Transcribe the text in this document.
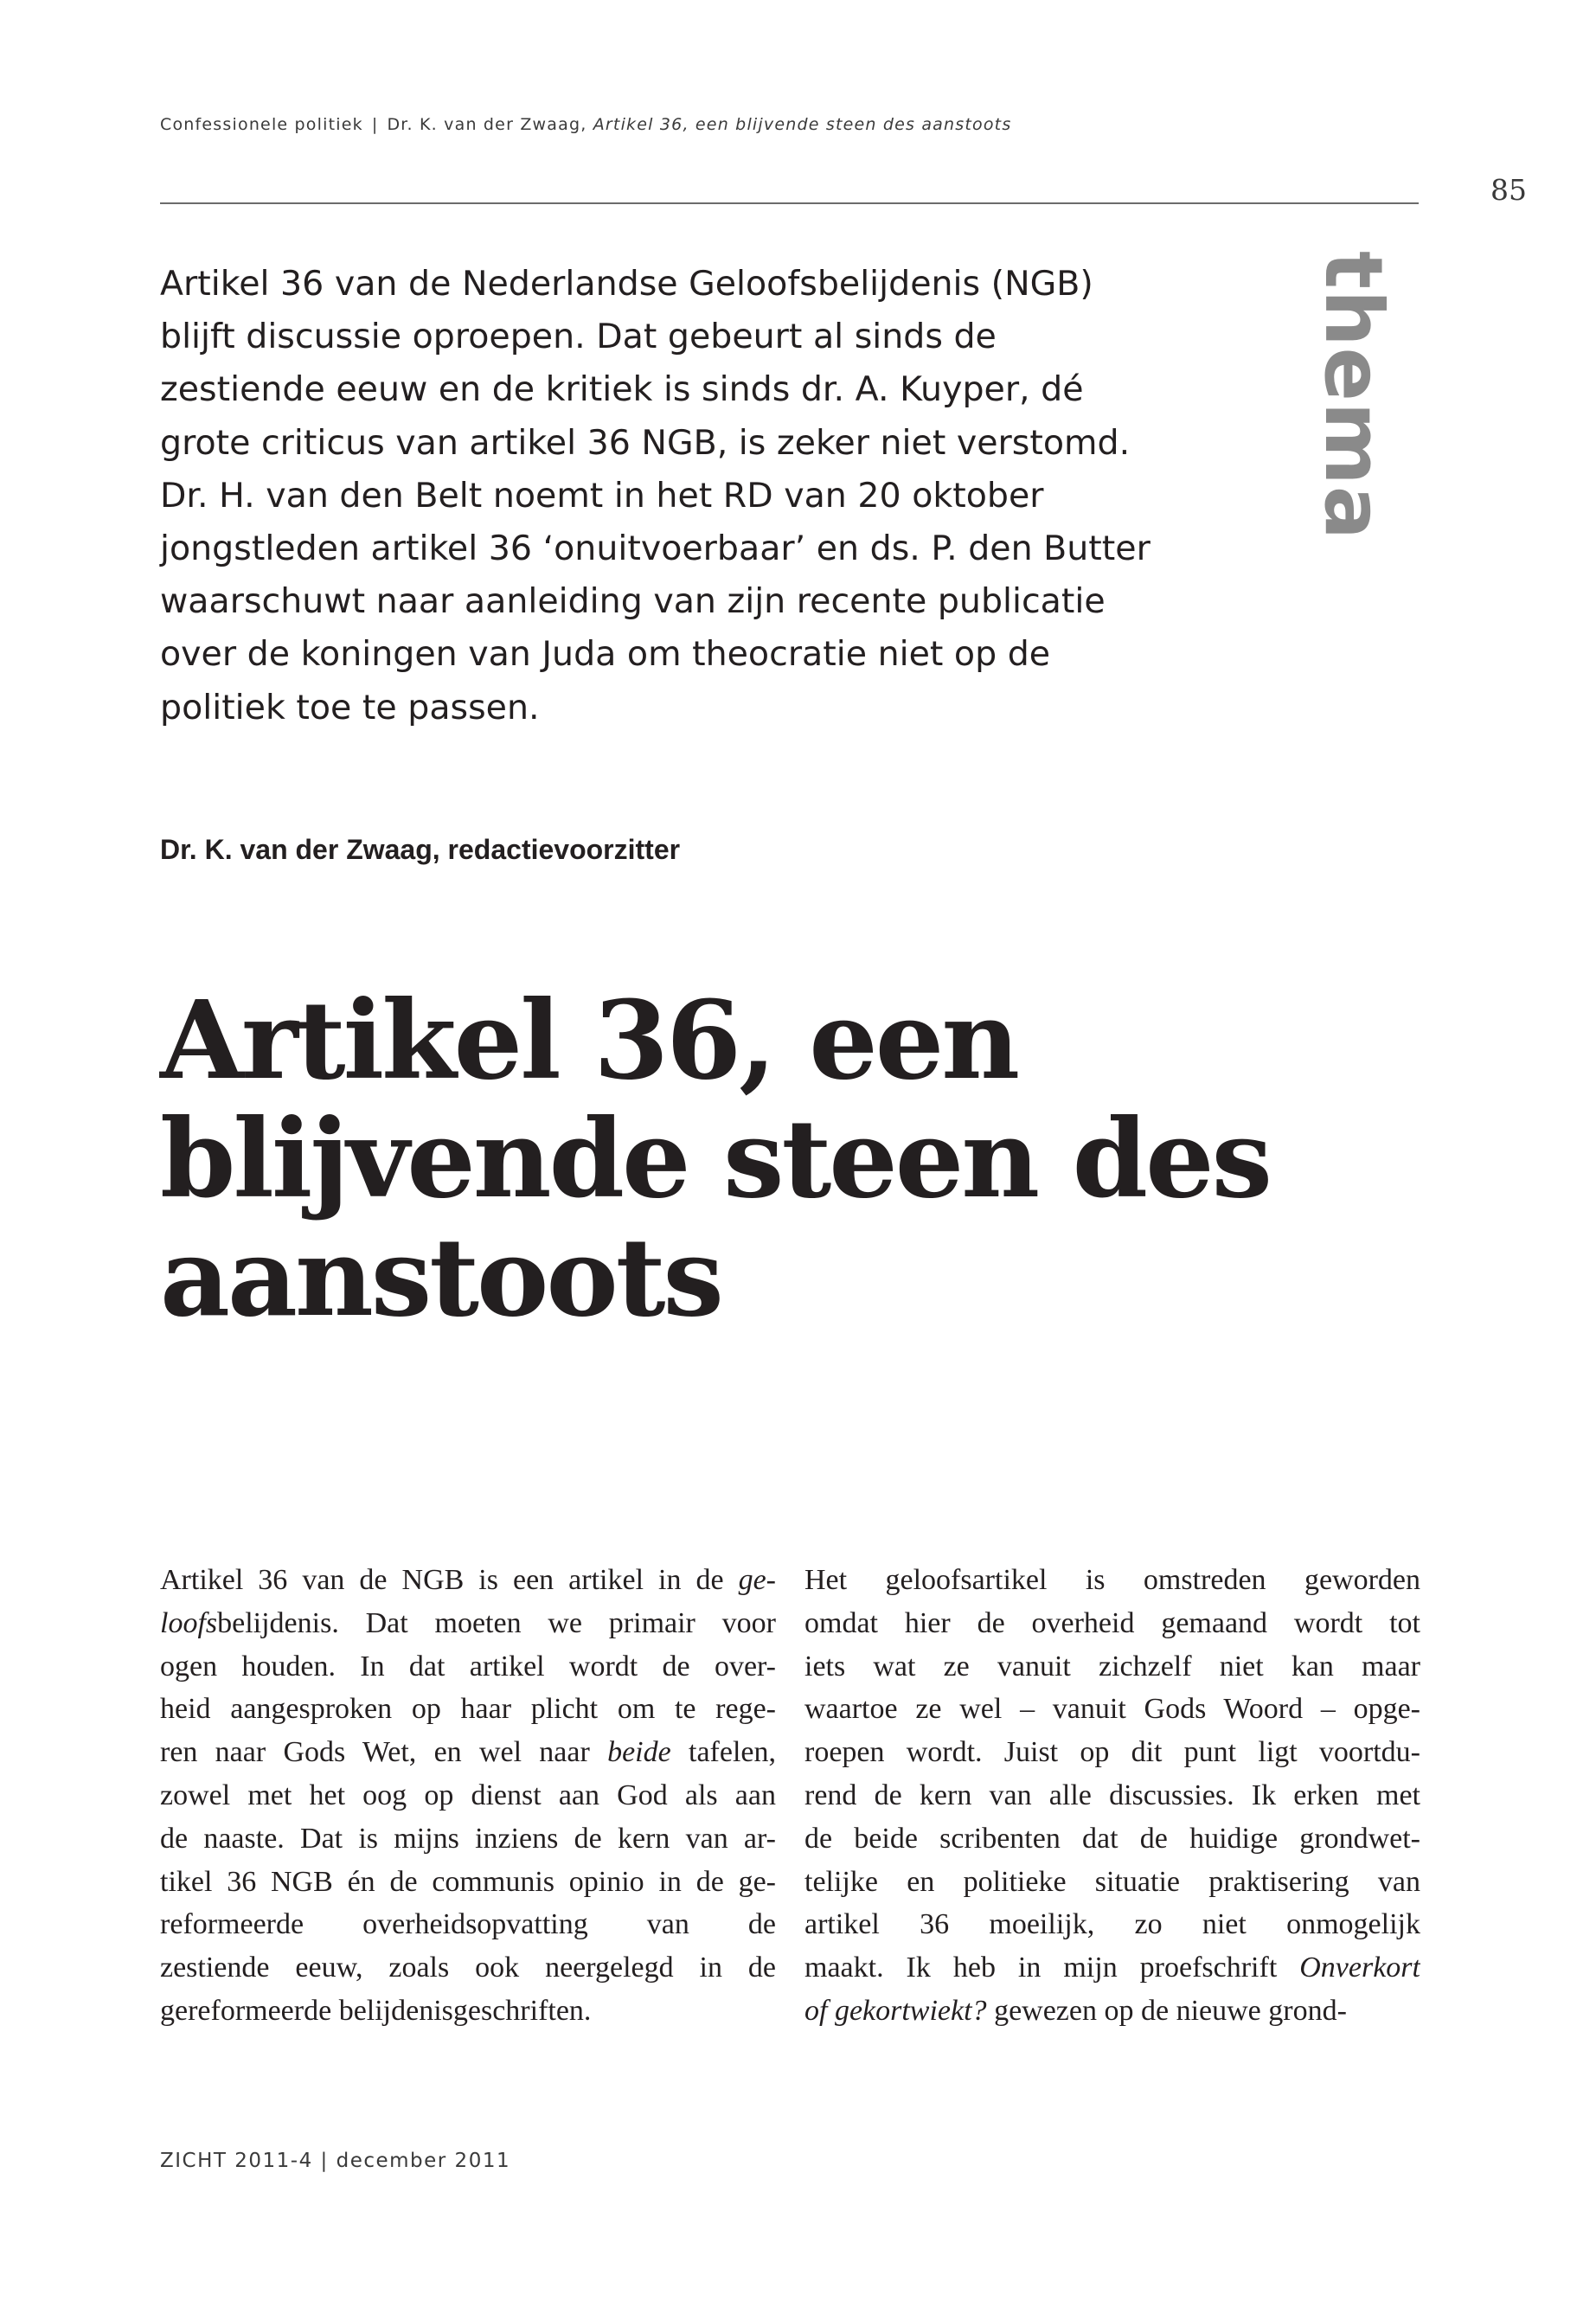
Confessionele politiek | Dr. K. van der Zwaag, Artikel 36, een blijvende steen des aanstoots
85
thema

Artikel 36 van de Nederlandse Geloofsbelijdenis (NGB) blijft discussie oproepen. Dat gebeurt al sinds de zestiende eeuw en de kritiek is sinds dr. A. Kuyper, dé grote criticus van artikel 36 NGB, is zeker niet verstomd. Dr. H. van den Belt noemt in het RD van 20 oktober jongstleden artikel 36 ‘onuitvoerbaar’ en ds. P. den Butter waarschuwt naar aanleiding van zijn recente publicatie over de koningen van Juda om theocratie niet op de politiek toe te passen.

Dr. K. van der Zwaag, redactievoorzitter
Artikel 36, een blijvende steen des aanstoots
Artikel 36 van de NGB is een artikel in de ge-
loofsbelijdenis. Dat moeten we primair voor
ogen houden. In dat artikel wordt de over-
heid aangesproken op haar plicht om te rege-
ren naar Gods Wet, en wel naar beide tafelen,
zowel met het oog op dienst aan God als aan
de naaste. Dat is mijns inziens de kern van ar-
tikel 36 NGB én de communis opinio in de ge-
reformeerde overheidsopvatting van de
zestiende eeuw, zoals ook neergelegd in de
gereformeerde belijdenisgeschriften.
Het geloofsartikel is omstreden geworden
omdat hier de overheid gemaand wordt tot
iets wat ze vanuit zichzelf niet kan maar
waartoe ze wel – vanuit Gods Woord – opge-
roepen wordt. Juist op dit punt ligt voortdu-
rend de kern van alle discussies. Ik erken met
de beide scribenten dat de huidige grondwet-
telijke en politieke situatie praktisering van
artikel 36 moeilijk, zo niet onmogelijk
maakt. Ik heb in mijn proefschrift Onverkort
of gekortwiekt? gewezen op de nieuwe grond-
ZICHT 2011-4 | december 2011
